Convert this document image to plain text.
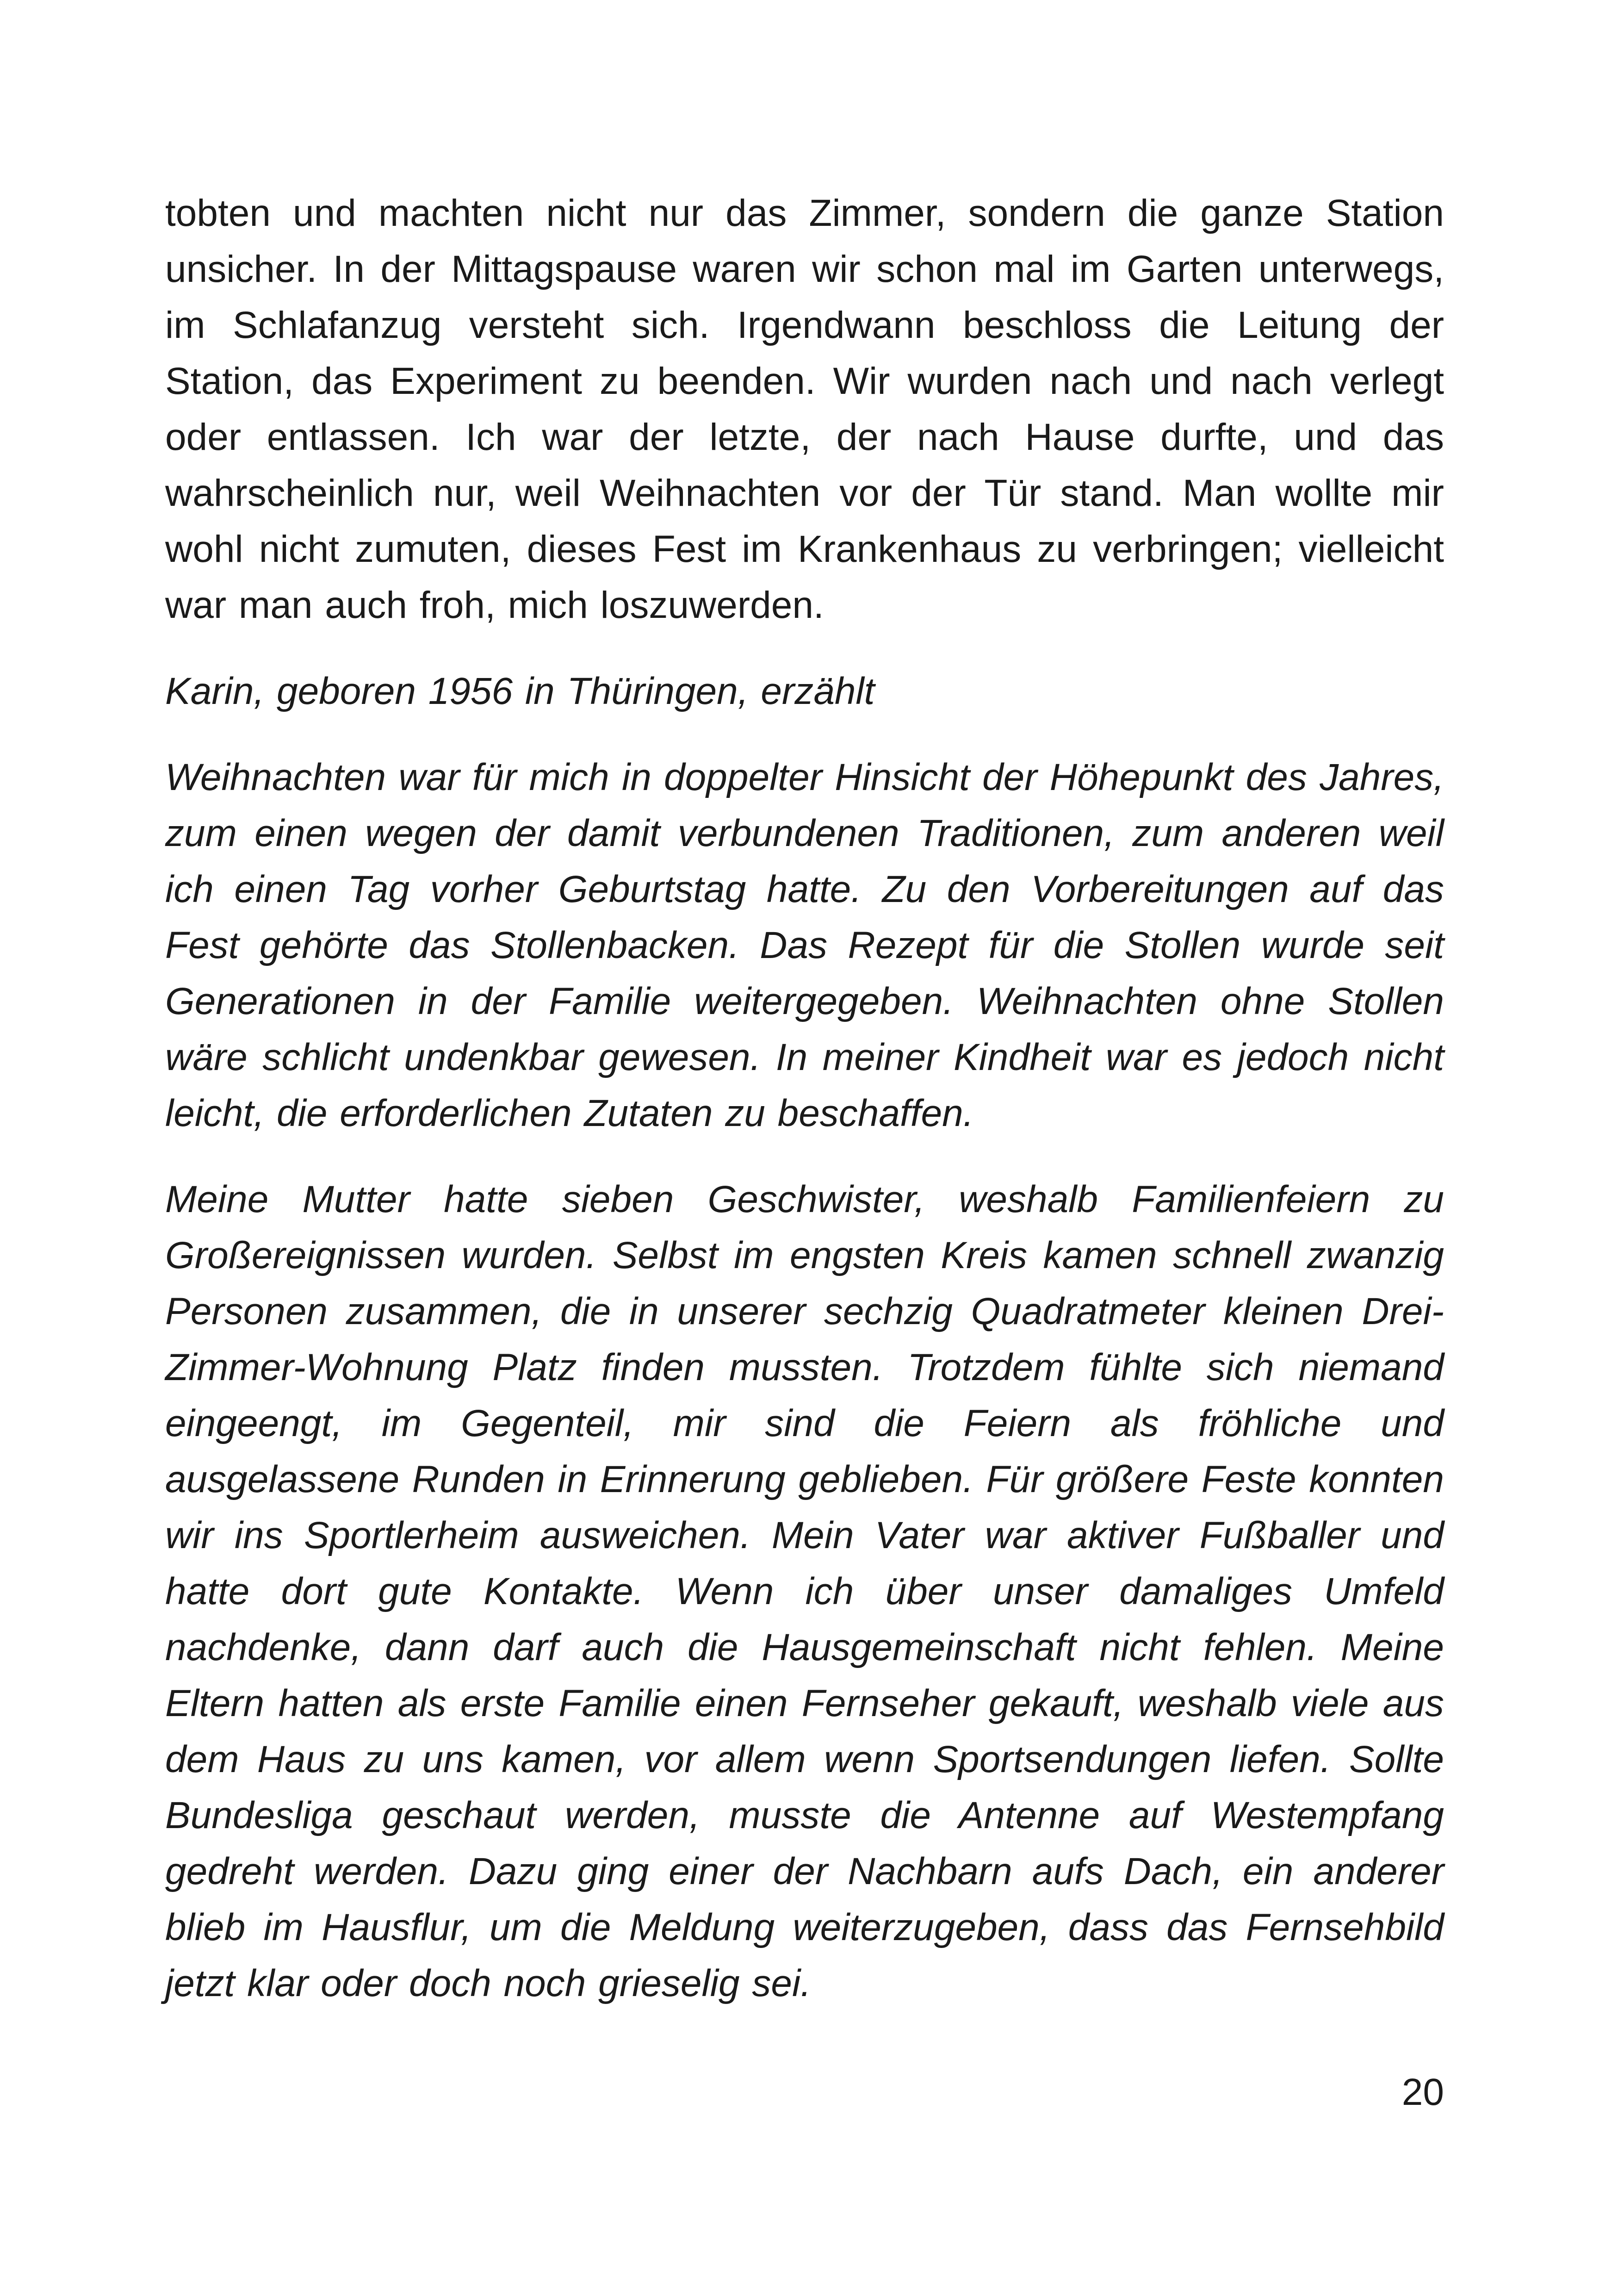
tobten und machten nicht nur das Zimmer, sondern die ganze Station unsicher. In der Mittagspause waren wir schon mal im Garten unterwegs, im Schlafanzug versteht sich. Irgendwann beschloss die Leitung der Station, das Experiment zu beenden. Wir wurden nach und nach verlegt oder entlassen. Ich war der letzte, der nach Hause durfte, und das wahrscheinlich nur, weil Weihnachten vor der Tür stand. Man wollte mir wohl nicht zumuten, dieses Fest im Krankenhaus zu verbringen; vielleicht war man auch froh, mich loszuwerden.

Karin, geboren 1956 in Thüringen, erzählt

Weihnachten war für mich in doppelter Hinsicht der Höhepunkt des Jahres, zum einen wegen der damit verbundenen Traditionen, zum anderen weil ich einen Tag vorher Geburtstag hatte. Zu den Vorbereitungen auf das Fest gehörte das Stollenbacken. Das Rezept für die Stollen wurde seit Generationen in der Familie weitergegeben. Weihnachten ohne Stollen wäre schlicht undenkbar gewesen. In meiner Kindheit war es jedoch nicht leicht, die erforderlichen Zutaten zu beschaffen.

Meine Mutter hatte sieben Geschwister, weshalb Familienfeiern zu Großereignissen wurden. Selbst im engsten Kreis kamen schnell zwanzig Personen zusammen, die in unserer sechzig Quadratmeter kleinen Drei-Zimmer-Wohnung Platz finden mussten. Trotzdem fühlte sich niemand eingeengt, im Gegenteil, mir sind die Feiern als fröhliche und ausgelassene Runden in Erinnerung geblieben. Für größere Feste konnten wir ins Sportlerheim ausweichen. Mein Vater war aktiver Fußballer und hatte dort gute Kontakte. Wenn ich über unser damaliges Umfeld nachdenke, dann darf auch die Hausgemeinschaft nicht fehlen. Meine Eltern hatten als erste Familie einen Fernseher gekauft, weshalb viele aus dem Haus zu uns kamen, vor allem wenn Sportsendungen liefen. Sollte Bundesliga geschaut werden, musste die Antenne auf Westempfang gedreht werden. Dazu ging einer der Nachbarn aufs Dach, ein anderer blieb im Hausflur, um die Meldung weiterzugeben, dass das Fernsehbild jetzt klar oder doch noch grieselig sei.

20
